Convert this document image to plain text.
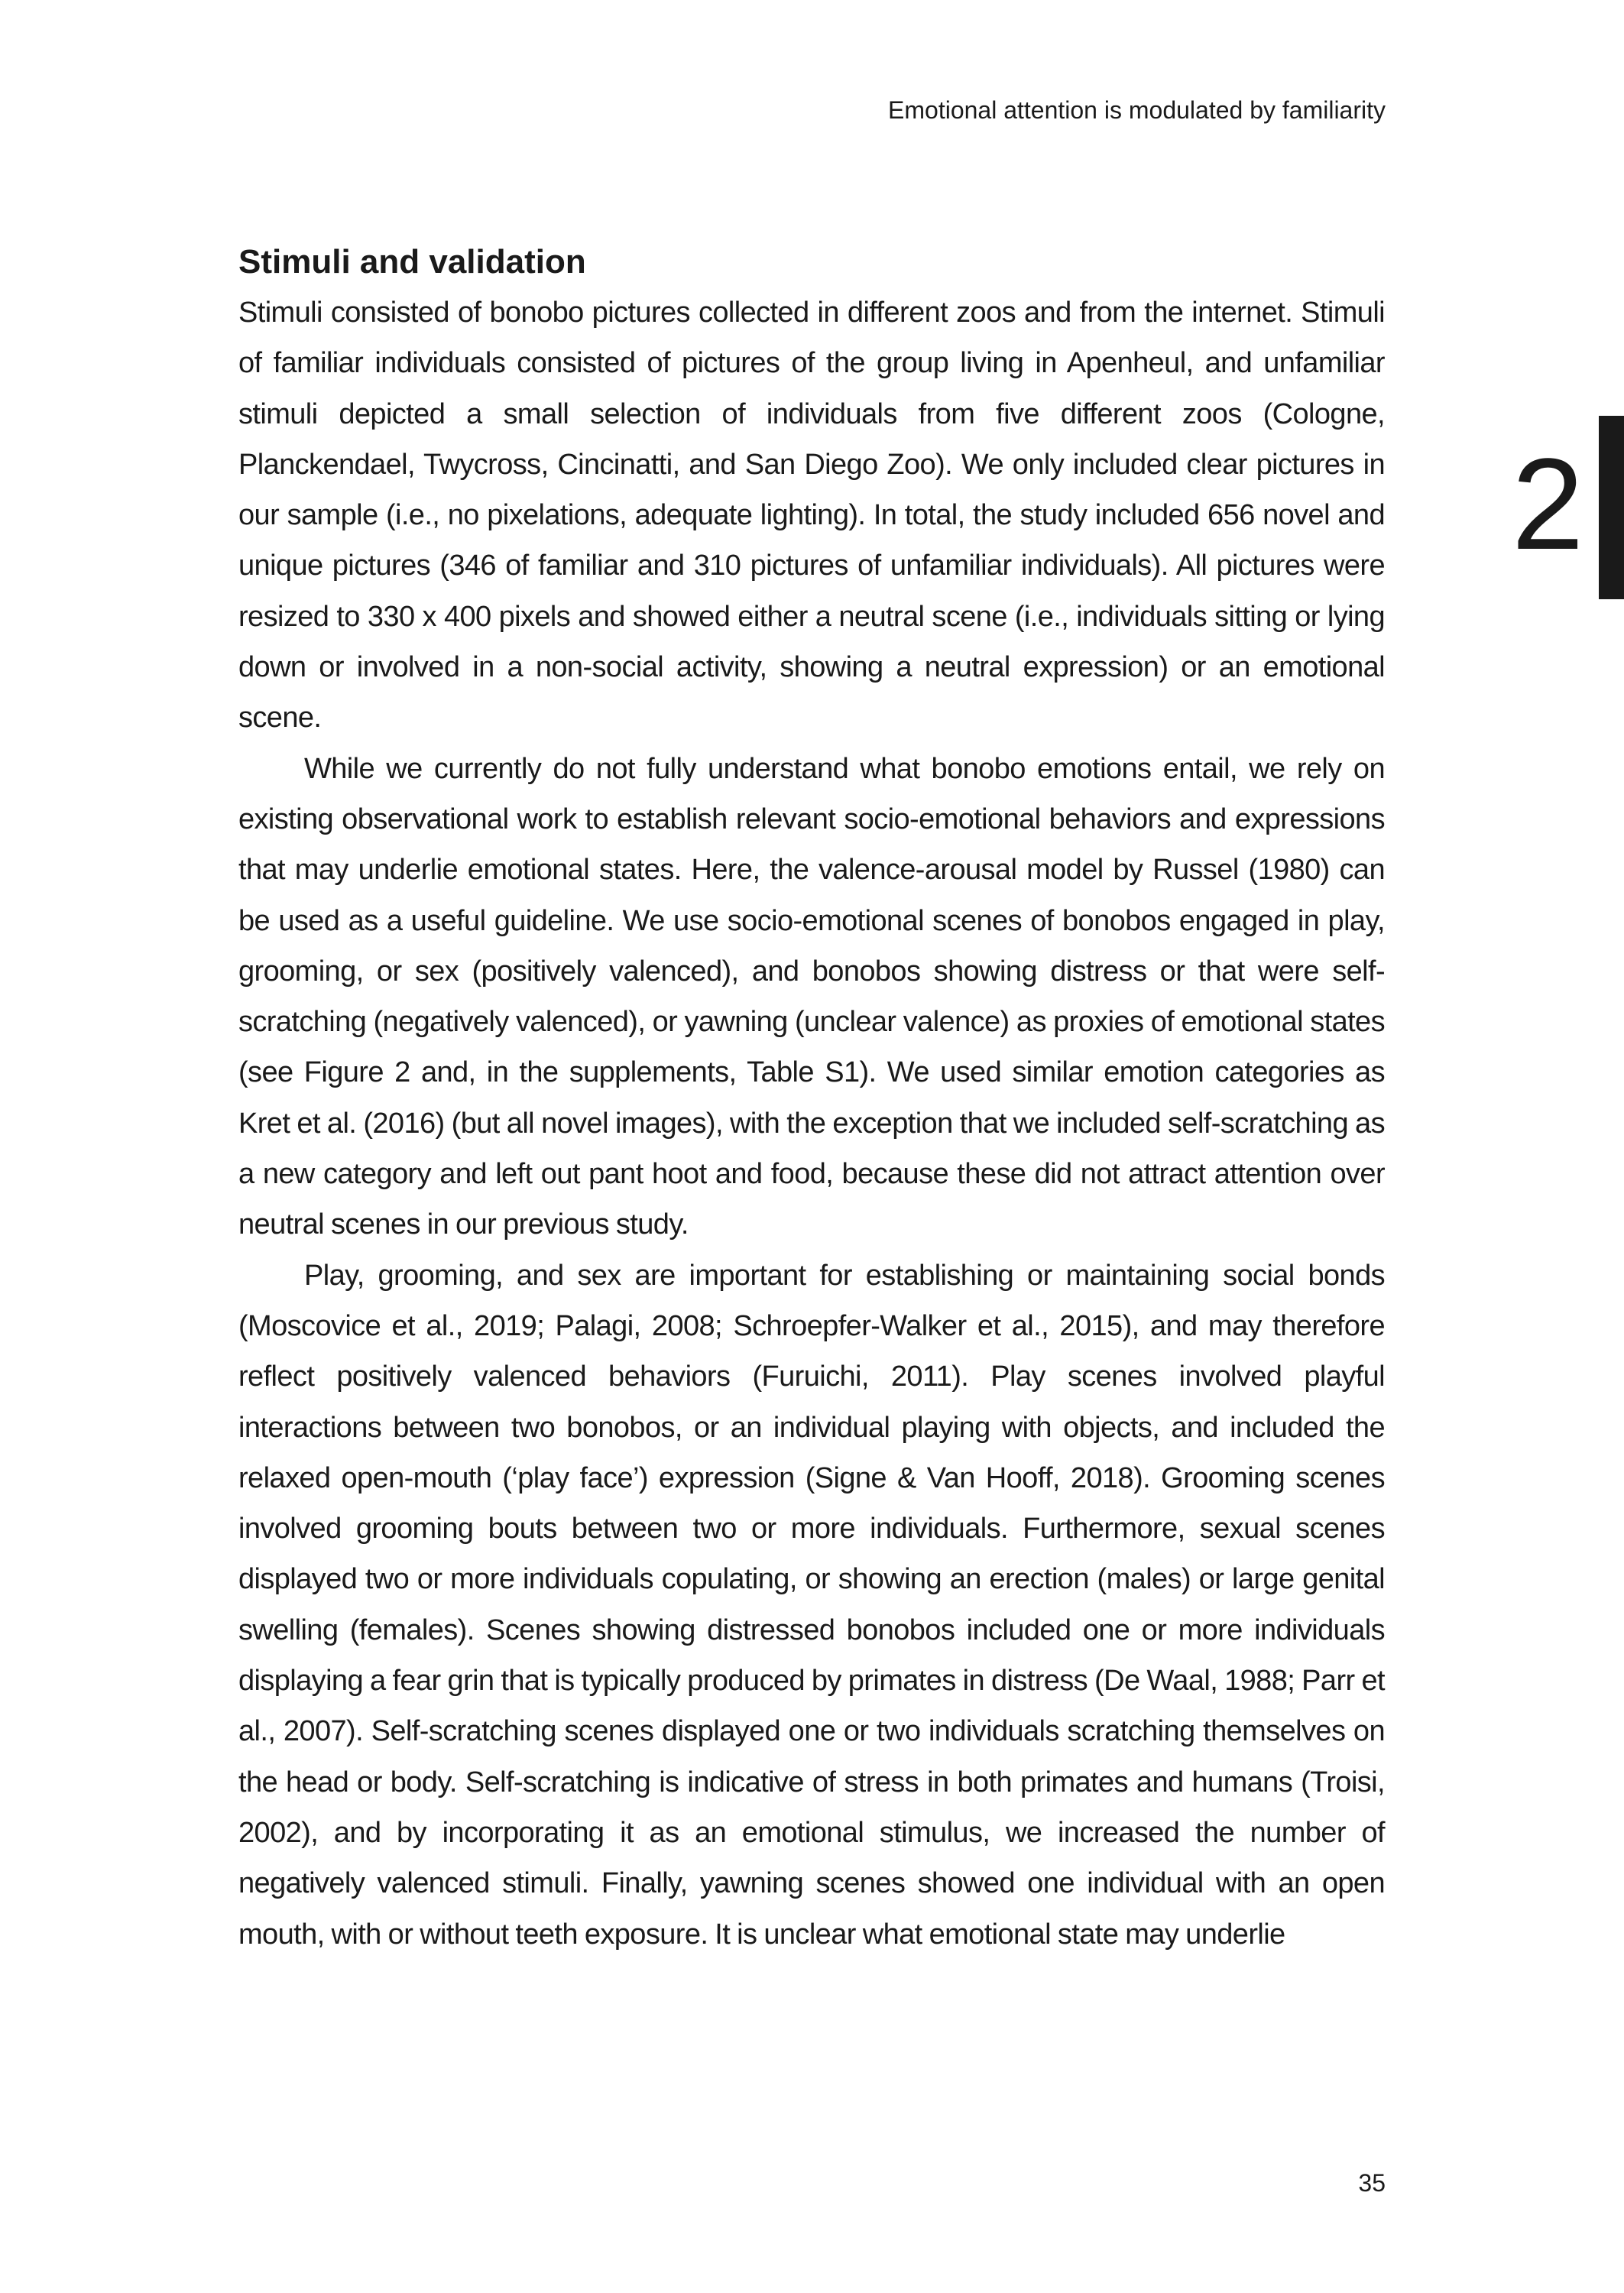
Emotional attention is modulated by familiarity
2
Stimuli and validation

Stimuli consisted of bonobo pictures collected in different zoos and from the internet. Stimuli of familiar individuals consisted of pictures of the group living in Apenheul, and unfamiliar stimuli depicted a small selection of individuals from five different zoos (Cologne, Planckendael, Twycross, Cincinatti, and San Diego Zoo). We only included clear pictures in our sample (i.e., no pixelations, adequate lighting). In total, the study included 656 novel and unique pictures (346 of familiar and 310 pictures of unfamiliar individuals). All pictures were resized to 330 x 400 pixels and showed either a neutral scene (i.e., individuals sitting or lying down or involved in a non-social activity, showing a neutral expression) or an emotional scene.

While we currently do not fully understand what bonobo emotions entail, we rely on existing observational work to establish relevant socio-emotional behaviors and expressions that may underlie emotional states. Here, the valence-arousal model by Russel (1980) can be used as a useful guideline. We use socio-emotional scenes of bonobos engaged in play, grooming, or sex (positively valenced), and bonobos showing distress or that were self-scratching (negatively valenced), or yawning (unclear valence) as proxies of emotional states (see Figure 2 and, in the supplements, Table S1). We used similar emotion categories as Kret et al. (2016) (but all novel images), with the exception that we included self-scratching as a new category and left out pant hoot and food, because these did not attract attention over neutral scenes in our previous study.

Play, grooming, and sex are important for establishing or maintaining social bonds (Moscovice et al., 2019; Palagi, 2008; Schroepfer-Walker et al., 2015), and may therefore reflect positively valenced behaviors (Furuichi, 2011). Play scenes involved playful interactions between two bonobos, or an individual playing with objects, and included the relaxed open-mouth (‘play face’) expression (Signe & Van Hooff, 2018). Grooming scenes involved grooming bouts between two or more individuals. Furthermore, sexual scenes displayed two or more individuals copulating, or showing an erection (males) or large genital swelling (females). Scenes showing distressed bonobos included one or more individuals displaying a fear grin that is typically produced by primates in distress (De Waal, 1988; Parr et al., 2007). Self-scratching scenes displayed one or two individuals scratching themselves on the head or body. Self-scratching is indicative of stress in both primates and humans (Troisi, 2002), and by incorporating it as an emotional stimulus, we increased the number of negatively valenced stimuli. Finally, yawning scenes showed one individual with an open mouth, with or without teeth exposure. It is unclear what emotional state may underlie

35
